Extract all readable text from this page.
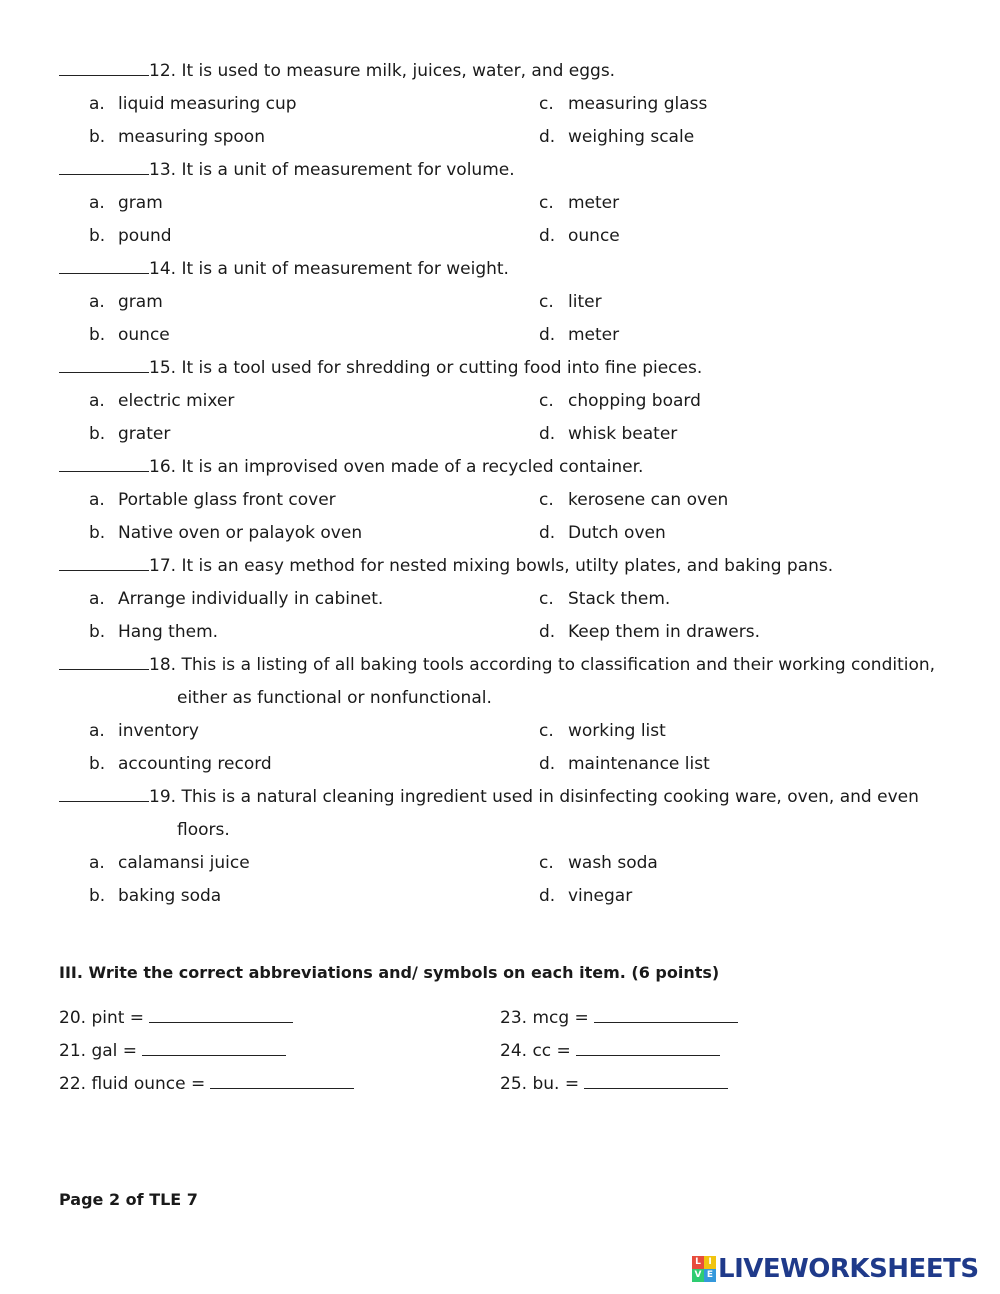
12. It is used to measure milk, juices, water, and eggs.
a. liquid measuring cup	c. measuring glass
b. measuring spoon	d. weighing scale
13. It is a unit of measurement for volume.
a. gram	c. meter
b. pound	d. ounce
14. It is a unit of measurement for weight.
a. gram	c. liter
b. ounce	d. meter
15. It is a tool used for shredding or cutting food into fine pieces.
a. electric mixer	c. chopping board
b. grater	d. whisk beater
16. It is an improvised oven made of a recycled container.
a. Portable glass front cover	c. kerosene can oven
b. Native oven or palayok oven	d. Dutch oven
17. It is an easy method for nested mixing bowls, utilty plates, and baking pans.
a. Arrange individually in cabinet.	c. Stack them.
b. Hang them.	d. Keep them in drawers.
18. This is a listing of all baking tools according to classification and their working condition,
either as functional or nonfunctional.
a. inventory	c. working list
b. accounting record	d. maintenance list
19. This is a natural cleaning ingredient used in disinfecting cooking ware, oven, and even
floors.
a. calamansi juice	c. wash soda
b. baking soda	d. vinegar
III. Write the correct abbreviations and/ symbols on each item. (6 points)
20. pint =	23. mcg =
21. gal =	24. cc =
22. fluid ounce =	25. bu. =
Page 2 of TLE 7
L I
V E LIVEWORKSHEETS
